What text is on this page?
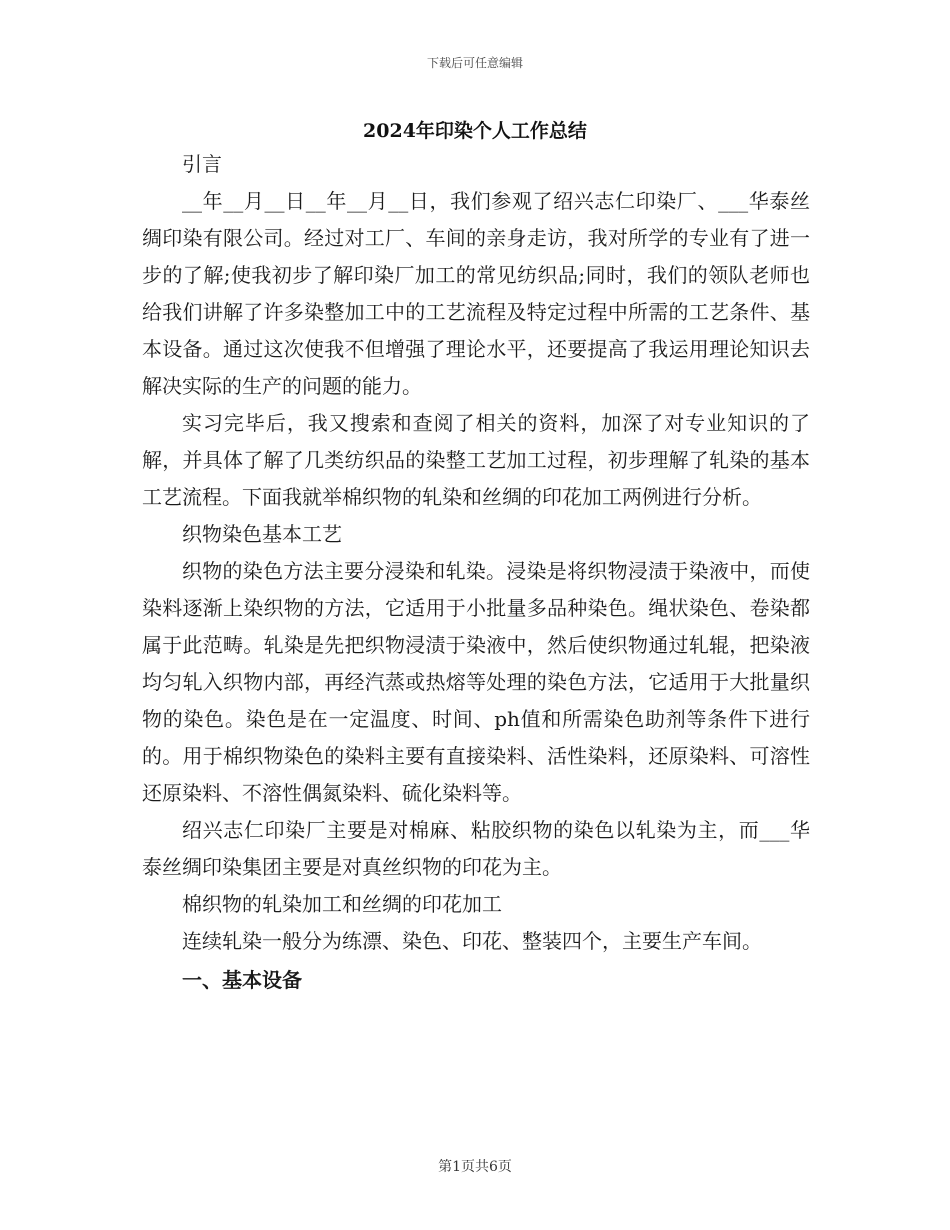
下载后可任意编辑
2024年印染个人工作总结

引言

__年__月__日__年__月__日，我们参观了绍兴志仁印染厂、___华泰丝绸印染有限公司。经过对工厂、车间的亲身走访，我对所学的专业有了进一步的了解;使我初步了解印染厂加工的常见纺织品;同时，我们的领队老师也给我们讲解了许多染整加工中的工艺流程及特定过程中所需的工艺条件、基本设备。通过这次使我不但增强了理论水平，还要提高了我运用理论知识去解决实际的生产的问题的能力。

实习完毕后，我又搜索和查阅了相关的资料，加深了对专业知识的了解，并具体了解了几类纺织品的染整工艺加工过程，初步理解了轧染的基本工艺流程。下面我就举棉织物的轧染和丝绸的印花加工两例进行分析。

织物染色基本工艺

织物的染色方法主要分浸染和轧染。浸染是将织物浸渍于染液中，而使染料逐渐上染织物的方法，它适用于小批量多品种染色。绳状染色、卷染都属于此范畴。轧染是先把织物浸渍于染液中，然后使织物通过轧辊，把染液均匀轧入织物内部，再经汽蒸或热熔等处理的染色方法，它适用于大批量织物的染色。染色是在一定温度、时间、ph值和所需染色助剂等条件下进行的。用于棉织物染色的染料主要有直接染料、活性染料，还原染料、可溶性还原染料、不溶性偶氮染料、硫化染料等。

绍兴志仁印染厂主要是对棉麻、粘胶织物的染色以轧染为主，而___华泰丝绸印染集团主要是对真丝织物的印花为主。

棉织物的轧染加工和丝绸的印花加工

连续轧染一般分为练漂、染色、印花、整装四个，主要生产车间。

一、基本设备

第1页共6页
